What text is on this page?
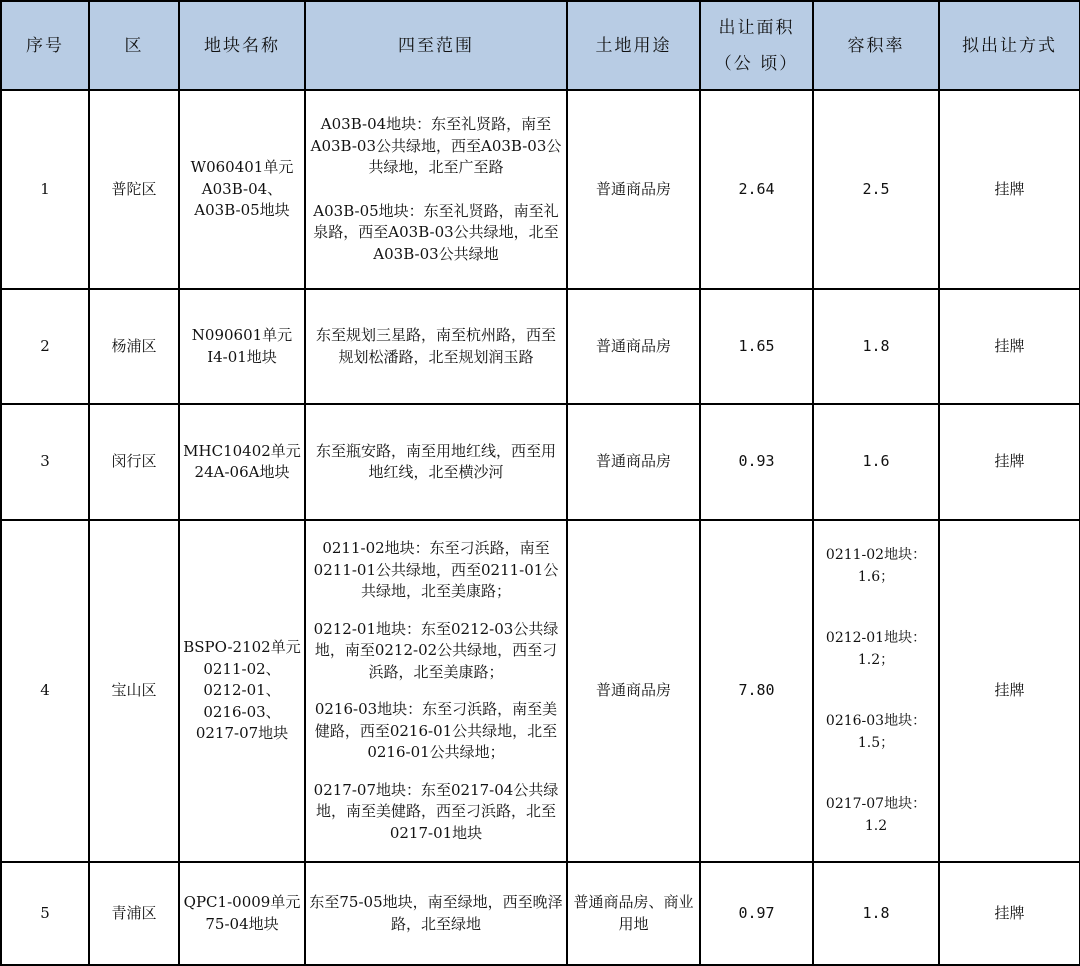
序号	区	地块名称	四至范围	土地用途	出让面积
（公 顷）	容积率	拟出让方式
1	普陀区	W060401单元A03B-04、A03B-05地块	A03B-04地块：东至礼贤路，南至A03B-03公共绿地，西至A03B-03公共绿地，北至广至路
A03B-05地块：东至礼贤路，南至礼泉路，西至A03B-03公共绿地，北至A03B-03公共绿地	普通商品房	2.64	2.5	挂牌
2	杨浦区	N090601单元I4-01地块	东至规划三星路，南至杭州路，西至规划松潘路，北至规划润玉路	普通商品房	1.65	1.8	挂牌
3	闵行区	MHC10402单元24A-06A地块	东至瓶安路，南至用地红线，西至用地红线，北至横沙河	普通商品房	0.93	1.6	挂牌
4	宝山区	BSPO-2102单元0211-02、0212-01、0216-03、0217-07地块	0211-02地块：东至刁浜路，南至0211-01公共绿地，西至0211-01公共绿地，北至美康路；
0212-01地块：东至0212-03公共绿地，南至0212-02公共绿地，西至刁浜路，北至美康路；
0216-03地块：东至刁浜路，南至美健路，西至0216-01公共绿地，北至0216-01公共绿地；
0217-07地块：东至0217-04公共绿地，南至美健路，西至刁浜路，北至0217-01地块	普通商品房	7.80	0211-02地块：1.6；
0212-01地块：1.2；
0216-03地块：1.5；
0217-07地块：1.2	挂牌
5	青浦区	QPC1-0009单元75-04地块	东至75-05地块，南至绿地，西至晚泽路，北至绿地	普通商品房、商业用地	0.97	1.8	挂牌
